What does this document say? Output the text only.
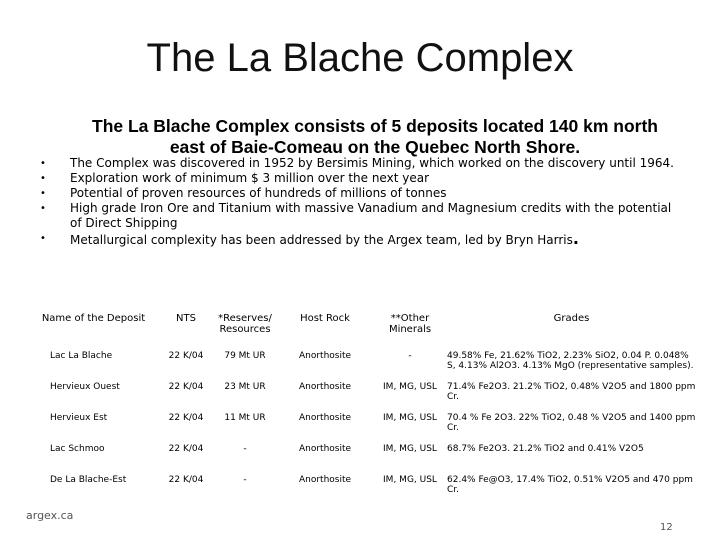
The La Blache Complex
The La Blache Complex consists of 5 deposits located 140 km north east of Baie-Comeau on the Quebec North Shore.
• The Complex was discovered in 1952 by Bersimis Mining, which worked on the discovery until 1964.
• Exploration work of minimum $ 3 million over the next year
• Potential of proven resources of hundreds of millions of tonnes
• High grade Iron Ore and Titanium with massive Vanadium and Magnesium credits with the potential of Direct Shipping
• Metallurgical complexity has been addressed by the Argex team, led by Bryn Harris.
Name of the Deposit	NTS	*Reserves/ Resources	Host Rock	**Other Minerals	Grades
Lac La Blache	22 K/04	79 Mt UR	Anorthosite	-	49.58% Fe, 21.62% TiO2, 2.23% SiO2, 0.04 P. 0.048% S, 4.13% Al2O3. 4.13% MgO (representative samples).
Hervieux Ouest	22 K/04	23 Mt UR	Anorthosite	IM, MG, USL	71.4% Fe2O3. 21.2% TiO2, 0.48% V2O5 and 1800 ppm Cr.
Hervieux Est	22 K/04	11 Mt UR	Anorthosite	IM, MG, USL	70.4 % Fe 2O3. 22% TiO2, 0.48 % V2O5 and 1400 ppm Cr.
Lac Schmoo	22 K/04	-	Anorthosite	IM, MG, USL	68.7% Fe2O3. 21.2% TiO2 and 0.41% V2O5
De La Blache-Est	22 K/04	-	Anorthosite	IM, MG, USL	62.4% Fe@O3, 17.4% TiO2, 0.51% V2O5 and 470 ppm Cr.
argex.ca
12
